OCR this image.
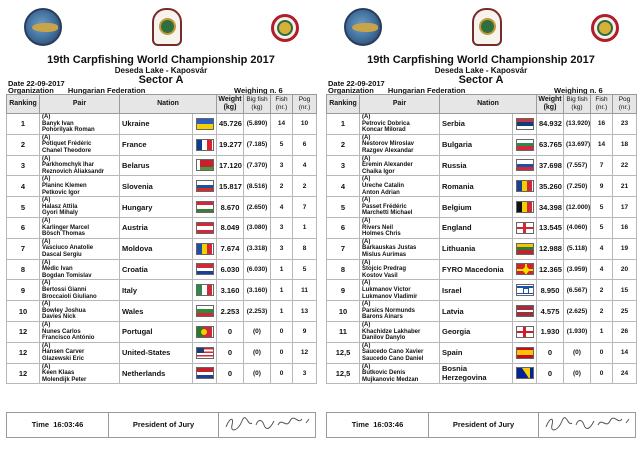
19th Carpfishing World Championship 2017
Deseda Lake - Kaposvár
Sector A
Date 22-09-2017
Organization Hungarian Federation	Weighing n. 6
Ranking	Pair	Nation		Weight (kg)	Big fish (kg)	Fish (nr.)	Pog (nr.)
1	(A)
Banyk Ivan
Pohorilyak Roman	Ukraine		45.726	(5.890)	14	10
2	(A)
Potiquet Frédéric
Chanel Theodore	France		19.277	(7.185)	5	6
3	(A)
Parkhomchyk Ihar
Reznovich Aliaksandr	Belarus		17.120	(7.370)	3	4
4	(A)
Planinc Klemen
Petkovic Igor	Slovenia		15.817	(8.516)	2	2
5	(A)
Halasz Attila
Gyori Mihaly	Hungary		8.670	(2.650)	4	7
6	(A)
Karlinger Marcel
Bösch Thomas	Austria		8.049	(3.080)	3	1
7	(A)
Vasciuco Anatolie
Dascal Sergiu	Moldova		7.674	(3.318)	3	8
8	(A)
Medic Ivan
Bogdan Tomislav	Croatia		6.030	(6.030)	1	5
9	(A)
Bertossi Gianni
Broccaioli Giuliano	Italy		3.160	(3.160)	1	11
10	(A)
Bowley Joshua
Davies Nick	Wales		2.253	(2.253)	1	13
12	(A)
Nunes Carlos
Francisco António	Portugal		0	(0)	0	9
12	(A)
Hansen Carver
Glazewski Eric	United-States		0	(0)	0	12
12	(A)
Keen Klaas
Molendijk Peter	Netherlands		0	(0)	0	3
Time 16:03:46	President of Jury
19th Carpfishing World Championship 2017
Deseda Lake - Kaposvár
Sector A
Date 22-09-2017
Organization Hungarian Federation	Weighing n. 6
Ranking	Pair	Nation		Weight (kg)	Big fish (kg)	Fish (nr.)	Pog (nr.)
1	(A)
Petrovic Dobrica
Koncar Milorad	Serbia		84.932	(13.920)	16	23
2	(A)
Nestorov Miroslav
Razgev Alexandar	Bulgaria		63.765	(13.697)	14	18
3	(A)
Eremin Alexander
Chaika Igor	Russia		37.698	(7.557)	7	22
4	(A)
Ureche Catalin
Anton Adrian	Romania		35.260	(7.250)	9	21
5	(A)
Passet Frédéric
Marchetti Michael	Belgium		34.398	(12.000)	5	17
6	(A)
Rivers Neil
Holmes Chris	England		13.545	(4.060)	5	16
7	(A)
Barkauskas Justas
Mislus Aurimas	Lithuania		12.988	(5.118)	4	19
8	(A)
Stojcic Predrag
Kostov Vasil	FYRO Macedonia		12.365	(3.959)	4	20
9	(A)
Lukmanov Victor
Lukmanov Vladimir	Israel		8.950	(6.567)	2	15
10	(A)
Parsics Normunds
Barons Ainars	Latvia		4.575	(2.625)	2	25
11	(A)
Khachidze Lakhaber
Danilov Danylo	Georgia		1.930	(1.930)	1	26
12,5	(A)
Saucedo Cano Xavier
Saucedo Cano Daniel	Spain		0	(0)	0	14
12,5	(A)
Butkovic Denis
Mujkanovic Medzan	Bosnia Herzegovina		0	(0)	0	24
Time 16:03:46	President of Jury
